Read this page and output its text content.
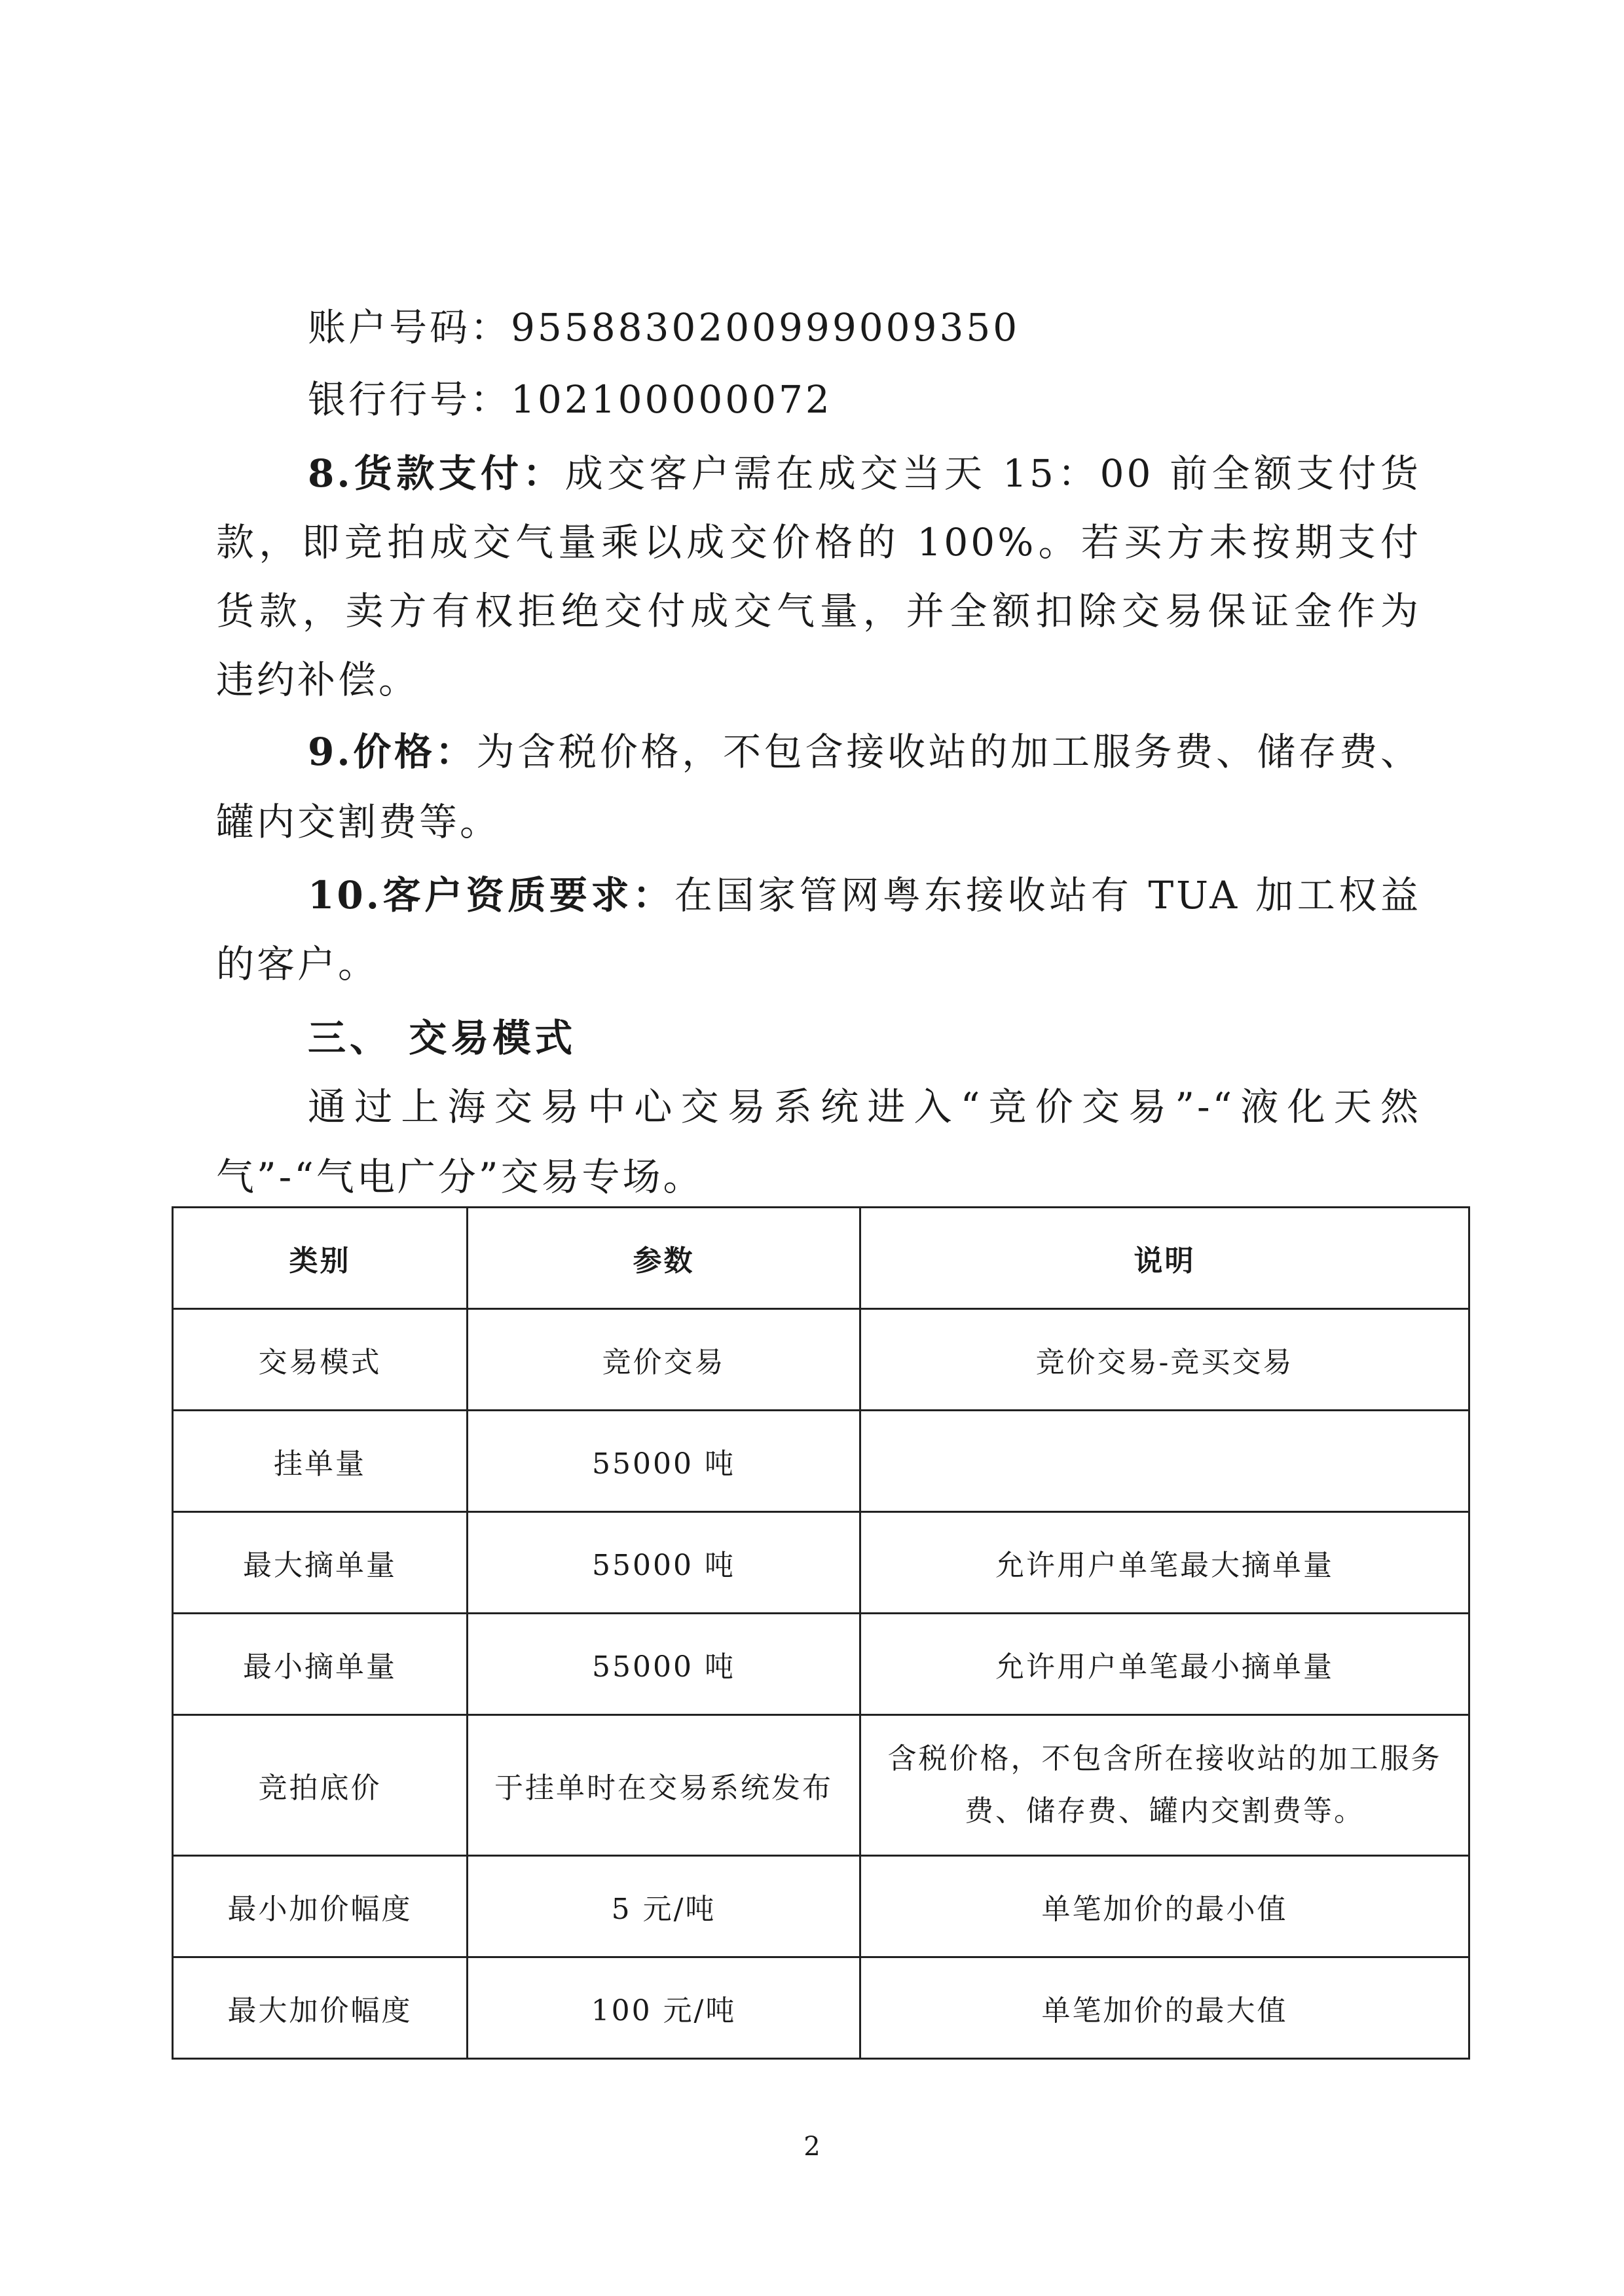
账户号码：9558830200999009350
银行行号：102100000072
8.货款支付：成交客户需在成交当天 15：00 前全额支付货
款，即竞拍成交气量乘以成交价格的 100%。若买方未按期支付
货款，卖方有权拒绝交付成交气量，并全额扣除交易保证金作为
违约补偿。
9.价格：为含税价格，不包含接收站的加工服务费、储存费、
罐内交割费等。
10.客户资质要求：在国家管网粤东接收站有 TUA 加工权益
的客户。
三、 交易模式
通过上海交易中心交易系统进入“竞价交易”-“液化天然
气”-“气电广分”交易专场。
类别	参数	说明
交易模式	竞价交易	竞价交易-竞买交易
挂单量	55000 吨	
最大摘单量	55000 吨	允许用户单笔最大摘单量
最小摘单量	55000 吨	允许用户单笔最小摘单量
竞拍底价	于挂单时在交易系统发布	含税价格，不包含所在接收站的加工服务
费、储存费、罐内交割费等。

最小加价幅度	5 元/吨	单笔加价的最小值
最大加价幅度	100 元/吨	单笔加价的最大值
2
